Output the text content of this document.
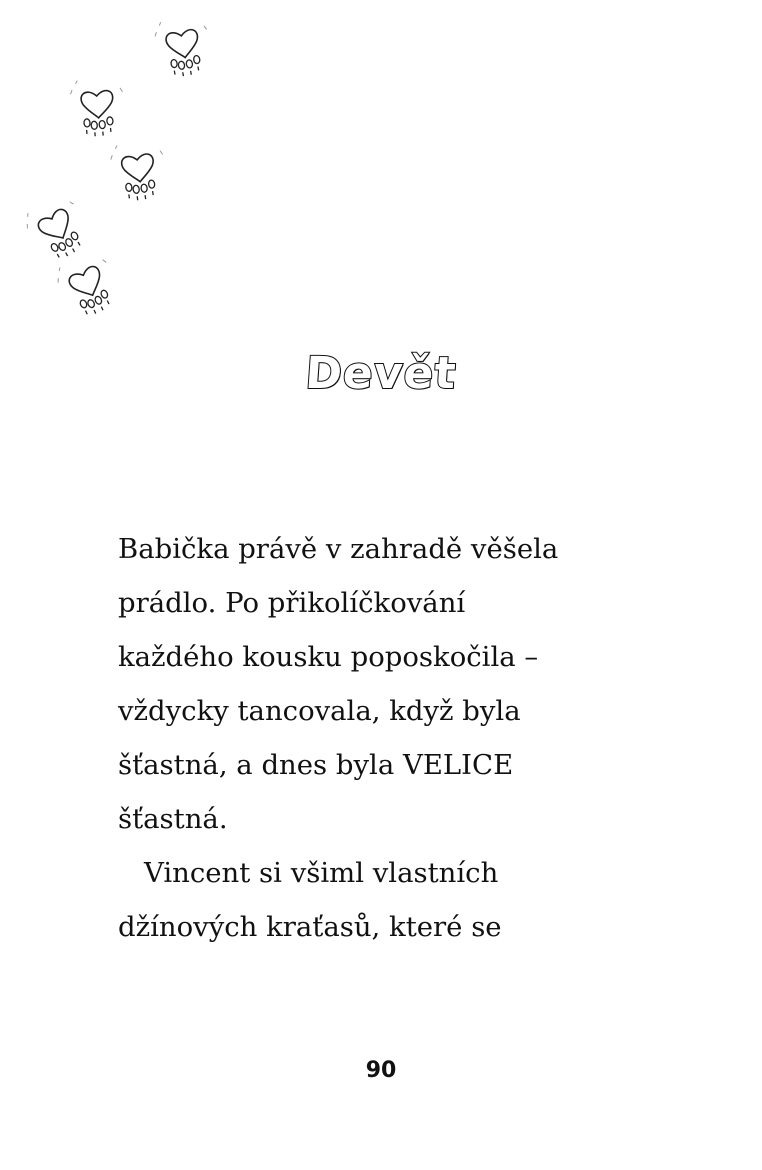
Devět
Babička právě v zahradě věšela
prádlo. Po přikolíčkování
každého kousku poposkočila –
vždycky tancovala, když byla
šťastná, a dnes byla VELICE
šťastná.
Vincent si všiml vlastních
džínových kraťasů, které se
90
